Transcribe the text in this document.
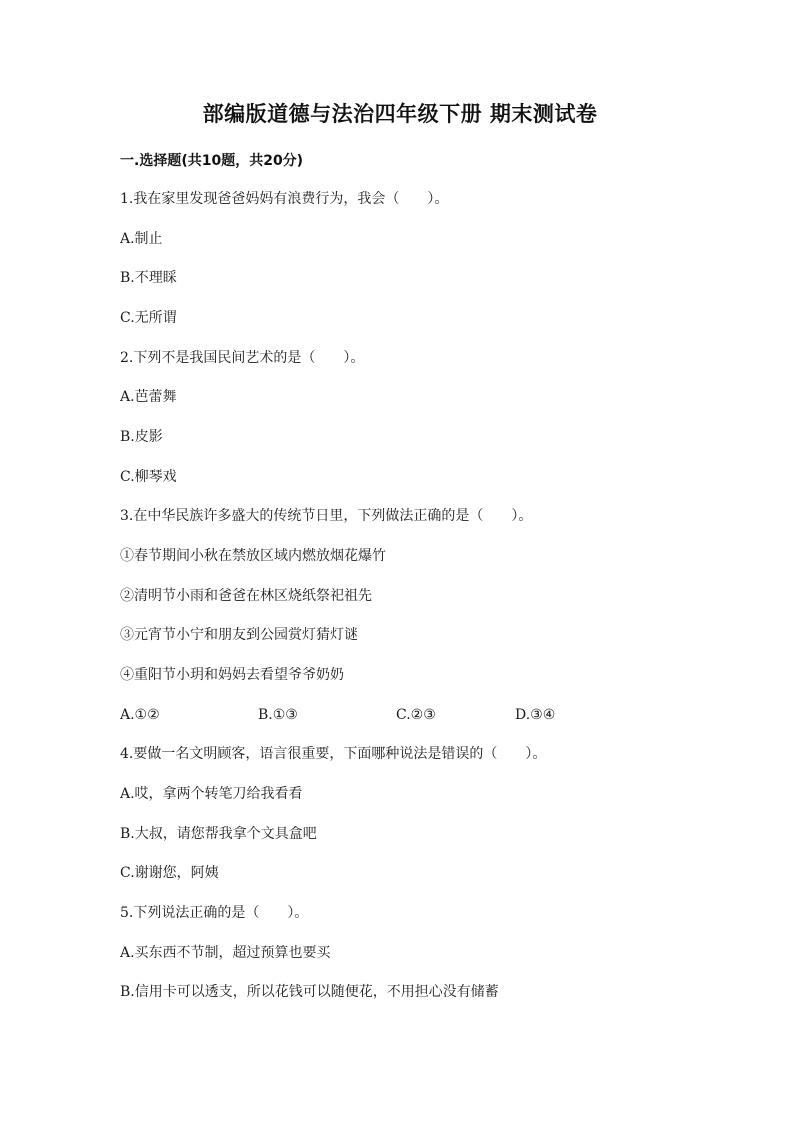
部编版道德与法治四年级下册 期末测试卷
一.选择题(共10题，共20分)
1.我在家里发现爸爸妈妈有浪费行为，我会（　　）。
A.制止
B.不理睬
C.无所谓
2.下列不是我国民间艺术的是（　　）。
A.芭蕾舞
B.皮影
C.柳琴戏
3.在中华民族许多盛大的传统节日里，下列做法正确的是（　　）。
①春节期间小秋在禁放区域内燃放烟花爆竹
②清明节小雨和爸爸在林区烧纸祭祀祖先
③元宵节小宁和朋友到公园赏灯猜灯谜
④重阳节小玥和妈妈去看望爷爷奶奶
A.①②	B.①③	C.②③	D.③④
4.要做一名文明顾客，语言很重要，下面哪种说法是错误的（　　）。
A.哎，拿两个转笔刀给我看看
B.大叔，请您帮我拿个文具盒吧
C.谢谢您，阿姨
5.下列说法正确的是（　　）。
A.买东西不节制，超过预算也要买
B.信用卡可以透支，所以花钱可以随便花，不用担心没有储蓄
